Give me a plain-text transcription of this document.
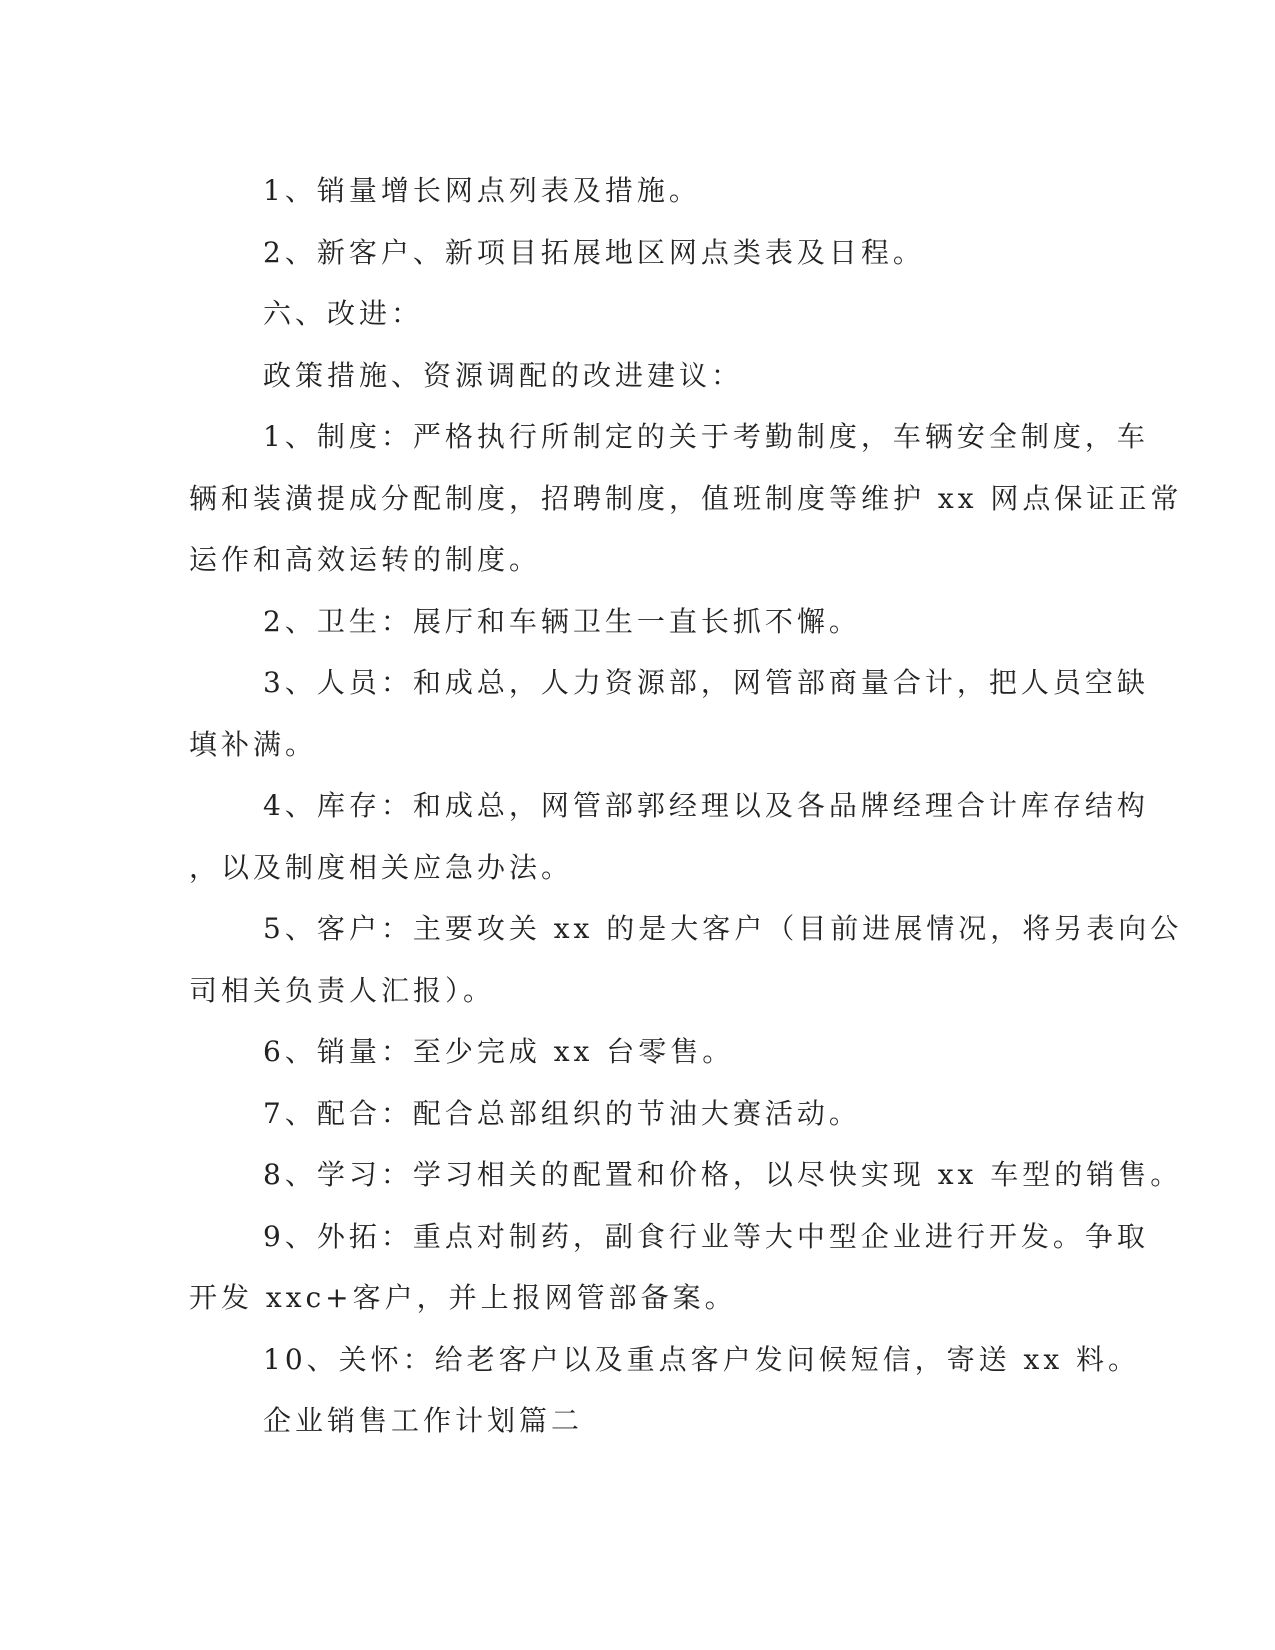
1、销量增长网点列表及措施。
2、新客户、新项目拓展地区网点类表及日程。
六、改进：
政策措施、资源调配的改进建议：
1、制度：严格执行所制定的关于考勤制度，车辆安全制度，车
辆和装潢提成分配制度，招聘制度，值班制度等维护 xx 网点保证正常
运作和高效运转的制度。
2、卫生：展厅和车辆卫生一直长抓不懈。
3、人员：和成总，人力资源部，网管部商量合计，把人员空缺
填补满。
4、库存：和成总，网管部郭经理以及各品牌经理合计库存结构
，以及制度相关应急办法。
5、客户：主要攻关 xx 的是大客户（目前进展情况，将另表向公
司相关负责人汇报）。
6、销量：至少完成 xx 台零售。
7、配合：配合总部组织的节油大赛活动。
8、学习：学习相关的配置和价格，以尽快实现 xx 车型的销售。
9、外拓：重点对制药，副食行业等大中型企业进行开发。争取
开发 xxc+客户，并上报网管部备案。
10、关怀：给老客户以及重点客户发问候短信，寄送 xx 料。
企业销售工作计划篇二
